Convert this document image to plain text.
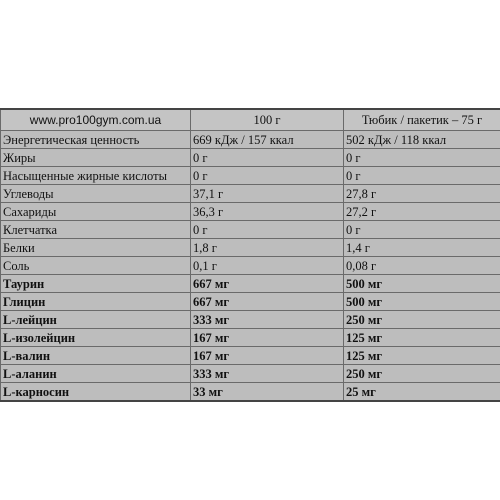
www.pro100gym.com.ua	100 г	Тюбик / пакетик – 75 г
Энергетическая ценность	669 кДж / 157 ккал	502 кДж / 118 ккал
Жиры	0 г	0 г
Насыщенные жирные кислоты	0 г	0 г
Углеводы	37,1 г	27,8 г
Сахариды	36,3 г	27,2 г
Клетчатка	0 г	0 г
Белки	1,8 г	1,4 г
Соль	0,1 г	0,08 г
Таурин	667 мг	500 мг
Глицин	667 мг	500 мг
L-лейцин	333 мг	250 мг
L-изолейцин	167 мг	125 мг
L-валин	167 мг	125 мг
L-аланин	333 мг	250 мг
L-карносин	33 мг	25 мг
